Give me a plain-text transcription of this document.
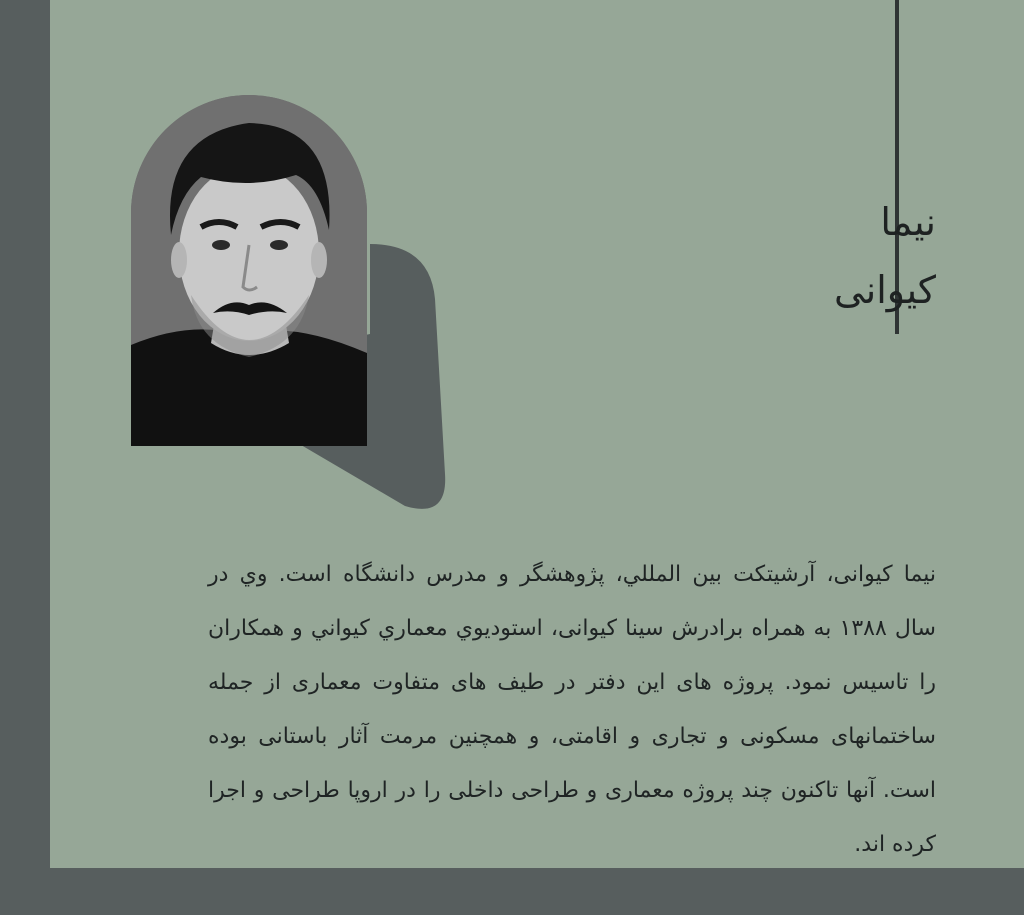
نیما
کیوانی
نیما کیوانی، آرشیتکت بین المللي، پژوهشگر و مدرس دانشگاه است. وي در سال ۱۳۸۸ به همراه برادرش سینا کیوانی، استودیوي معماري کیواني و همکاران را تاسیس نمود. پروژه های این دفتر در طیف های متفاوت معماری از جمله ساختمانهای مسکونی و تجاری و اقامتی، و همچنین مرمت آثار باستانی بوده است. آنها تاکنون چند پروژه معماری و طراحی داخلی را در اروپا طراحی و اجرا کرده اند.
